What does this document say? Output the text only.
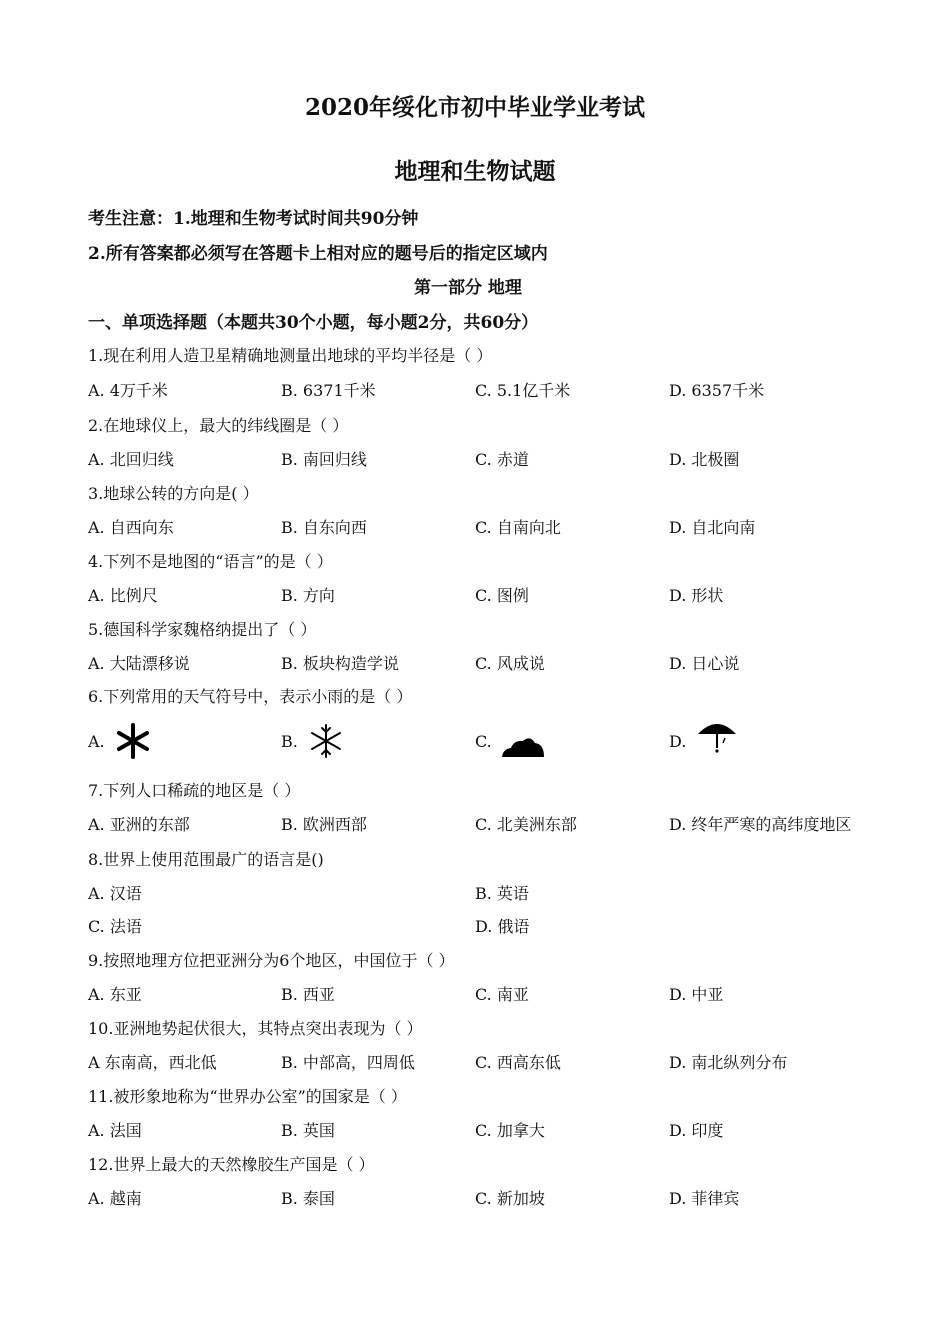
2020年绥化市初中毕业学业考试
地理和生物试题
考生注意：1.地理和生物考试时间共90分钟
2.所有答案都必须写在答题卡上相对应的题号后的指定区域内
第一部分 地理
一、单项选择题（本题共30个小题，每小题2分，共60分）
1.现在利用人造卫星精确地测量出地球的平均半径是（ ）
A. 4万千米	B. 6371千米	C. 5.1亿千米	D. 6357千米
2.在地球仪上，最大的纬线圈是（ ）
A. 北回归线	B. 南回归线	C. 赤道	D. 北极圈
3.地球公转的方向是( ）
A. 自西向东	B. 自东向西	C. 自南向北	D. 自北向南
4.下列不是地图的“语言”的是（ ）
A. 比例尺	B. 方向	C. 图例	D. 形状
5.德国科学家魏格纳提出了（ ）
A. 大陆漂移说	B. 板块构造学说	C. 风成说	D. 日心说
6.下列常用的天气符号中，表示小雨的是（ ）
A.	B.	C.	D.
7.下列人口稀疏的地区是（ ）
A. 亚洲的东部	B. 欧洲西部	C. 北美洲东部	D. 终年严寒的高纬度地区
8.世界上使用范围最广的语言是()
A. 汉语	B. 英语
C. 法语	D. 俄语
9.按照地理方位把亚洲分为6个地区，中国位于（ ）
A. 东亚	B. 西亚	C. 南亚	D. 中亚
10.亚洲地势起伏很大，其特点突出表现为（ ）
A 东南高，西北低	B. 中部高，四周低	C. 西高东低	D. 南北纵列分布
11.被形象地称为“世界办公室”的国家是（ ）
A. 法国	B. 英国	C. 加拿大	D. 印度
12.世界上最大的天然橡胶生产国是（ ）
A. 越南	B. 泰国	C. 新加坡	D. 菲律宾
